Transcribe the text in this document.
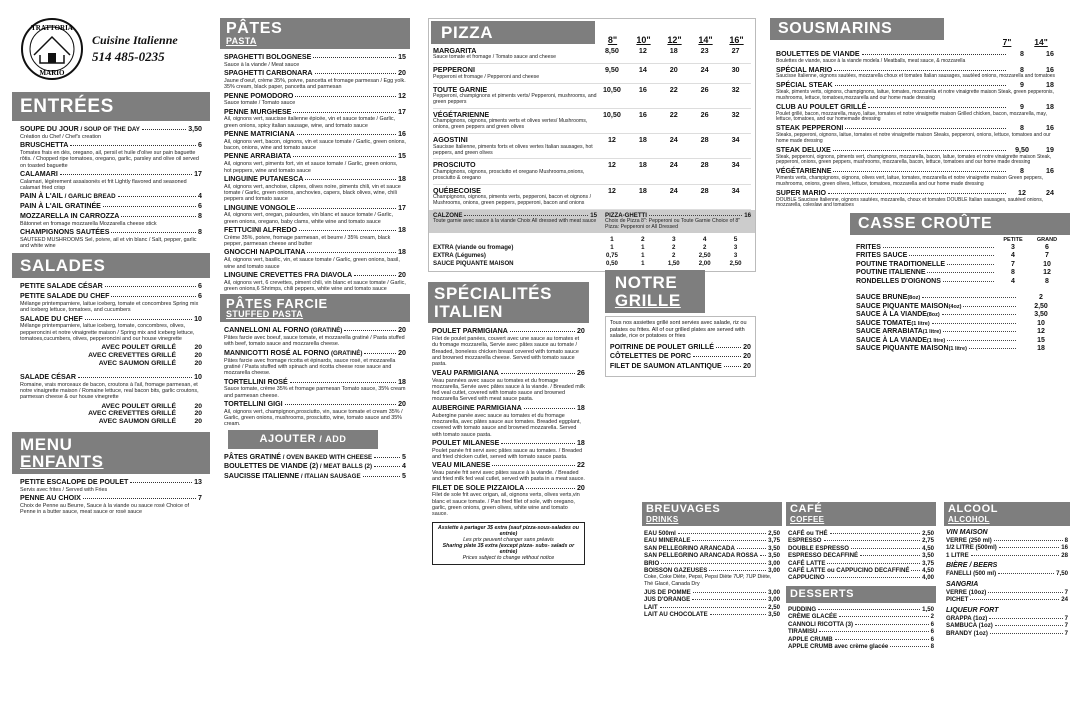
TRATTORIA
MARIO
Cuisine Italienne
514 485-0235
ENTRÉES
SOUPE DU JOUR / SOUP OF THE DAY	3,50
Création du Chef / Chef's creation
BRUSCHETTA	6
Tomates frais en dés, oregano, ail, persil et huile d'olive sur pain baguette rôtis. / Chopped ripe tomatoes, oregano, garlic, parsley and olive oil served on toasted baguette
CALAMARI	17
Calamari, légèrement assaisonés et frit Lightly flavored and seasoned calamari fried crisp
PAIN À L'AIL / GARLIC BREAD	4
PAIN À L'AIL GRATINÉE	6
MOZZARELLA IN CARROZZA	8
Bâtonnet en fromage mozzarella Mozzarella cheese stick
CHAMPIGNONS SAUTÉES	8
SAUTEED MUSHROOMS Sel, poivre, ail et vin blanc / Salt, pepper, garlic and white wine
SALADES
PETITE SALADE CÉSAR	6
PETITE SALADE DU CHEF	6
Mélange printemparniere, laitue iceberg, tomate et concombres Spring mix and iceberg lettuce, tomatoes, and cucumbers
SALADE DU CHEF	10
Mélange printemparniere, laitue iceberg, tomate, concombres, olives, pepperoncini et notre vinaigrette maison / Spring mix and iceberg lettuce, tomatoes,cucumbers, olives, pepperoncini and our house vinegrette
AVEC POULET GRILLÉ	20
AVEC CREVETTES GRILLÉ	20
AVEC SAUMON GRILLÉ	20
SALADE CÉSAR	10
Romaine, vrais morceaux de bacon, croutons à l'ail, fromage parmesan, et notre vinaigrette maison / Romaine lettuce, real bacon bits, garlic croutons, parmesan cheese & our house vinegrette
AVEC POULET GRILLÉ	20
AVEC CREVETTES GRILLÉ	20
AVEC SAUMON GRILLÉ	20
MENU
ENFANTS
PETITE ESCALOPE DE POULET	13
Servis avec frites / Served with Fries
PENNE AU CHOIX	7
Choix de Penne au Beurre, Sauce à la viande ou sauce rosé Choice of Penne in a butter sauce, meat sauce or rosé sauce
PÂTES
PASTA
SPAGHETTI BOLOGNESE	15
Sauce à la viande / Meat sauce
SPAGHETTI CARBONARA	20
Jaune d'oeuf, crème 35%, poivre, pancetta et fromage parmesan / Egg yolk. 35% cream, black paper, pancetta and parmesan
PENNE POMODORO	12
Sauce tomate / Tomato sauce
PENNE MURGHESE	17
Ail, oignons vert, saucisse italienne épicée, vin et sauce tomate / Garlic, green onions, spicy italian sausage, wine, and tomato sauce
PENNE MATRICIANA	16
Ail, oignons vert, bacon, oignons, vin et sauce tomate / Garlic, green onions, bacon, onions, wine and tomato sauce
PENNE ARRABIATA	15
Ail, oignons vert, piments fort, vin et sauce tomate / Garlic, green onions, hot peppers, wine and tomato sauce
LINGUINE PUTANESCA	18
Ail, oignons vert, anchoise, câpres, olives noire, piments chili, vin et sauce tomate / Garlic, green onions, anchovies, capers, black olives, wine, chili peppers and tomato sauce
LINGUINE VONGOLE	17
Ail, oignons vert, oregan, palourdes, vin blanc et sauce tomate / Garlic, green onions, oregano, baby clams, white wine and tomato sauce
FETTUCINI ALFREDO	18
Crème 35%, poivre, fromage parmesan, et beurre / 35% cream, black pepper, parmesan cheese and butter
GNOCCHI NAPOLITANA	18
Ail, oignons vert, basilic, vin, et sauce tomate / Garlic, green onions, basil, wine and tomato sauce
LINGUINE CREVETTES FRA DIAVOLA	20
Ail, oignons vert, 6 crevettes, piment chili, vin blanc et sauce tomate / Garlic, green onions,6 Shrimps, chili peppers, white wine and tomato sauce
PÂTES FARCIE
STUFFED PASTA
CANNELLONI AL FORNO (GRATINÉ)	20
Pâtes farcie avec boeuf, sauce tomate, et mozzarella gratiné / Pasta stuffed with beef, tomato sauce and mozzarella cheese.
MANNICOTTI ROSÉ AL FORNO (GRATINÉ)	20
Pâtes farcie avec fromage ricotta et épinards, sauce rosé, et mozzarella gratiné / Pasta stuffed with spinach and ricotta cheese rose sauce and mozzarella cheese.
TORTELLINI ROSÉ	18
Sauce tomate, crème 35% et fromage parmesan Tomato sauce, 35% cream and parmesan cheese.
TORTELLINI GIGI	20
Ail, oignons vert, champignon,prosciutto, vin, sauce tomate et cream 35% / Garlic, green onions, mushrooms, prosciutto, wine, tomato sauce and 35% cream.
AJOUTER / ADD
PÂTES GRATINÉ / OVEN BAKED WITH CHEESE	5
BOULETTES DE VIANDE (2) / MEAT BALLS (2)	4
SAUCISSE ITALIENNE / ITALIAN SAUSAGE	5
PIZZA	8"	10"	12"	14"	16"
MARGARITA
Sauce tomate et fromage / Tomato sauce and cheese
8,50	12	18	23	27
PEPPERONI
Pepperoni et fromage / Pepperoni and cheese
9,50	14	20	24	30
TOUTE GARNIE
Pepperoni, champignons et piments verts/ Pepperoni, mushrooms, and green peppers
10,50	16	22	26	32
VÉGÉTARIENNE
Champignons, oignons, piments verts et olives vertes/ Mushrooms, onions, green peppers and green olives
10,50	16	22	26	32
AGOSTINI
Saucisse Italienne, piments forts et olives vertes Italian sausages, hot peppers, and green olives
12	18	24	28	34
PROSCIUTO
Champignons, oignons, prosciutto et oregano Mushrooms,onions, prosciutto & oregano
12	18	24	28	34
QUÉBECOISE
Champignons, oignons, piments verts, pepperoni, bacon et oignons / Mushrooms, onions, green peppers, pepperoni, bacon and onions
12	18	24	28	34
CALZONE	15
Toute garnie avec sauce à la viande Choix All dressed with meat sauce
PIZZA-GHETTI	16
Choix de Pizza 8": Pepperoni ou Toute Garnie Choice of 8" Pizza: Pepperoni or All Dressed
1	2	3	4	5
EXTRA (viande ou fromage)	1	1	2	2	3
EXTRA (Légumes)	0,75	1	2	2,50	3
SAUCE PIQUANTE MAISON	0,50	1	1,50	2,00	2,50
SPÉCIALITÉS
ITALIEN
POULET PARMIGIANA	20
Filet de poulet panées, couvert avec une sauce au tomates et du fromage mozzarella, Servie avec pâtes sauce au tomate / Breaded, boneless chicken breast covered with tomato sauce and browned mozzarella cheese. Served with tomato sauce pasta.
VEAU PARMIGIANA	26
Veau pannées avec sauce au tomates et du fromage mozzarella, Servie avec pâtes sauce à la viande. / Breaded milk fed veal cutlet, covered with tomato sauce and browned mozzarella Served with meat sauce pasta.
AUBERGINE PARMIGIANA	18
Aubergine panée avec sauce au tomates et du fromage mozzarella, avec pâtes sauce aux tomates. Breaded eggplant, covered with tomato sauce and browned mozzarella. Served with tomato sauce pasta.
POULET MILANESE	18
Poulet panée frit servi avec pâtes sauce au tomates. / Breaded and fried chicken cutlet, served with tomato sauce pasta.
VEAU MILANESE	22
Veau panée frit servi avec pâtes sauce à la viande. / Breaded and fried milk fed veal cutlet, served with pasta in a meat sauce.
FILET DE SOLE PIZZAIOLA	20
Filet de sole frit avec origan, ail, oignons verts, olives verts,vin blanc et sauce tomate. / Pan fried filet of sole, with oregano, garlic, green onions, green olives, white wine and tomato sauce.
Assiette à partager 3$ extra (sauf pizza-sous-salades ou entrée)
Les prix peuvent changer sans préavis
Sharing plate 3$ extra (except pizza- subs- salads or entrée)
Prices subject to change without notice
NOTRE
GRILLE
Tous nos assiettes grillé sont servies avec salade, riz ou patates ou frites. All of our grilled plates are served with salade, rice or potatoes or fries
POITRINE DE POULET GRILLÉ	20
CÔTELETTES DE PORC	20
FILET DE SAUMON ATLANTIQUE	20
SOUSMARINS
7"	14"
BOULETTES DE VIANDE	8	16
Boulettes de viande, sauce à la viande modela / Meatballs, meat sauce, & mozzarella
SPÉCIAL MARIO	8	16
Saucisse Italienne, oignons sautées, mozzarella choux et tomates Italian sausages, sautéed onions, mozzarella and tomatoes
SPÉCIAL STEAK	9	18
Steak, piments verts, oignons, champignons, laitue, tomates, mozzarella et notre vinaigrette maison Steak, green pepperonis, mushrooms, lettuce, tomatoes,mozzarella and our home made dressing
CLUB AU POULET GRILLÉ	9	18
Poulet grillé, bacon, mozzarella, mayo, laitue, tomates et notre vinaigrette maison Grilled chicken, bacon, mozzarella, may, lettuce, tomatoes, and our homemade dressing
STEAK PEPPERONI	8	16
Steaks, pepperoni, oignons, laitue, tomates et notre vinaigrette maison Steaks, pepperoni, onions, lettuce, tomatoes and our home made dressing
STEAK DELUXE	9,50	19
Steak, pepperoni, oignons, piments vert, champignons, mozzarella, bacon, laitue, tomates et notre vinaigrette maison Steak, pepperoni, onions, green peppers, mushrooms, mozzarella, bacon, lettuce, tomatoes and our home made dressing
VÉGÉTARIENNE	8	16
Piments verts, champignons, oignons, olives vert, laitue, tomates, mozzarella et notre vinaigrette maison Green peppers, mushrooms, onions, green olives, lettuce, tomatoes, mozzarella and our home made dressing
SUPER MARIO	12	24
DOUBLE Saucisse Italienne, oignons sautées, mozzarella, choux et tomates DOUBLE Italian sausages, sautéed onions, mozzarella, coleslaw and tomatoes
CASSE CROÛTE
PETITE	GRAND
FRITES	3	6
FRITES SAUCE	4	7
POUTINE TRADITIONELLE	7	10
POUTINE ITALIENNE	8	12
RONDELLES D'OIGNONS	4	8
SAUCE BRUNE (8oz)	2
SAUCE PIQUANTE MAISON (4oz)	2,50
SAUCE À LA VIANDE (8oz)	3,50
SAUCE TOMATE (1 litre)	10
SAUCE ARRABIATA (1 litre)	12
SAUCE À LA VIANDE (1 litre)	15
SAUCE PIQUANTE MAISON (1 litre)	18
BREUVAGES
DRINKS
EAU 500ml	2,50
EAU MINERALE	3,75
SAN PELLEGRINO ARANCADA	3,50
SAN PELLEGRINO ARANCADA ROSSA 3,50
BRIO	3,00
BOISSON GAZEUSES	3,00
Coke, Coke Diète, Pepsi, Pepsi Diète 7UP, 7UP Diète, Thé Glacé, Canada Dry
JUS DE POMME	3,00
JUS D'ORANGE	3,00
LAIT	2,50
LAIT AU CHOCOLATE	3,50
CAFÉ
COFFEE
CAFÉ ou THÉ	2,50
ESPRESSO	2,75
DOUBLE ESPRESSO	4,50
ESPRESSO DECAFFINÉ	3,50
CAFÉ LATTE	3,75
CAFÉ LATTE ou CAPPUCINO DECAFFINÉ 4,50
CAPPUCINO	4,00
DESSERTS
PUDDING	1,50
CRÈME GLACÉE	2
CANNOLI RICOTTA (3)	6
TIRAMISU	6
APPLE CRUMB	6
APPLE CRUMB avec crème glacée	8
ALCOOL
ALCOHOL
VIN MAISON
VERRE (250 ml)	8
1/2 LITRE (500ml)	16
1 LITRE	28
BIÈRE / BEERS
FANELLI (500 ml)	7,50
SANGRIA
VERRE (10oz)	7
PICHET	24
LIQUEUR FORT
GRAPPA (1oz)	7
SAMBUCA (1oz)	7
BRANDY (1oz)	7
